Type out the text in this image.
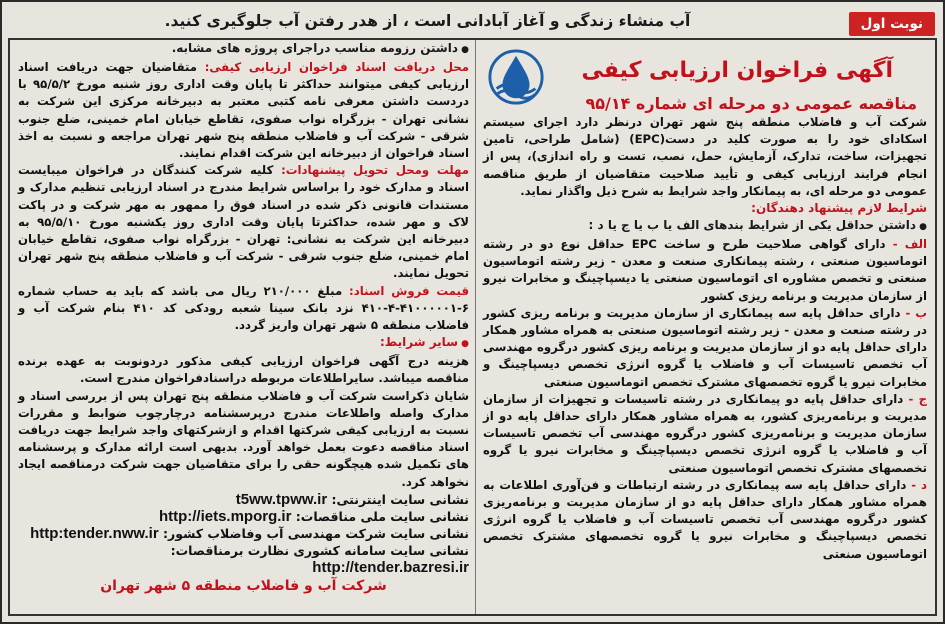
آب منشاء زندگی و آغاز آبادانی است ، از هدر رفتن آب جلوگیری کنید.	نوبت اول
آگهی فراخوان ارزیابی کیفی
مناقصه عمومی دو مرحله ای شماره ۹۵/۱۴

شرکت آب و فاضلاب منطقه پنج شهر تهران درنظر دارد اجرای سیستم اسکادای خود را به صورت کلید در دست(EPC) (شامل طراحی، تامین تجهیزات، ساخت، تدارک، آزمایش، حمل، نصب، تست و راه اندازی)، پس از انجام فرایند ارزیابی کیفی و تأیید صلاحیت متقاضیان از طریق مناقصه عمومی دو مرحله ای، به پیمانکار واجد شرایط به شرح ذیل واگذار نماید.

شرایط لازم پیشنهاد دهندگان:
● داشتن حداقل یکی از شرایط بندهای الف یا ب یا ج یا د :

الف - دارای گواهی صلاحیت طرح و ساخت EPC حداقل نوع دو در رشته اتوماسیون صنعتی ، رشته پیمانکاری صنعت و معدن - زیر رشته اتوماسیون صنعتی و تخصص مشاوره ای اتوماسیون صنعتی یا دیسپاچینگ و مخابرات نیرو از سازمان مدیریت و برنامه ریزی کشور

ب - دارای حداقل پایه سه پیمانکاری از سازمان مدیریت و برنامه ریزی کشور در رشته صنعت و معدن - زیر رشته اتوماسیون صنعتی به همراه مشاور همکار دارای حداقل پایه دو از سازمان مدیریت و برنامه ریزی کشور درگروه مهندسی آب تخصص تاسیسات آب و فاضلاب یا گروه انرژی تخصص دیسپاچینگ و مخابرات نیرو یا گروه تخصصهای مشترک تخصص اتوماسیون صنعتی

ج - دارای حداقل پایه دو پیمانکاری در رشته تاسیسات و تجهیزات از سازمان مدیریت و برنامه‌ریزی کشور، به همراه مشاور همکار دارای حداقل پایه دو از سازمان مدیریت و برنامه‌ریزی کشور درگروه مهندسی آب تخصص تاسیسات آب و فاضلاب یا گروه انرژی تخصص دیسپاچینگ و مخابرات نیرو یا گروه تخصصهای مشترک تخصص اتوماسیون صنعتی

د - دارای حداقل پایه سه پیمانکاری در رشته ارتباطات و فن‌آوری اطلاعات به همراه مشاور همکار دارای حداقل پایه دو از سازمان مدیریت و برنامه‌ریزی کشور درگروه مهندسی آب تخصص تاسیسات آب و فاضلاب یا گروه انرژی تخصص دیسپاچینگ و مخابرات نیرو یا گروه تخصصهای مشترک تخصص اتوماسیون صنعتی

● داشتن رزومه مناسب دراجرای پروژه های مشابه.

محل دریافت اسناد فراخوان ارزیابی کیفی: متقاضیان جهت دریافت اسناد ارزیابی کیفی میتوانند حداکثر تا پایان وقت اداری روز شنبه مورخ ۹۵/۵/۲ با دردست داشتن معرفی نامه کتبی معتبر به دبیرخانه مرکزی این شرکت به نشانی تهران - بزرگراه نواب صفوی، تقاطع خیابان امام خمینی، ضلع جنوب شرقی - شرکت آب و فاضلاب منطقه پنج شهر تهران مراجعه و نسبت به اخذ اسناد فراخوان از دبیرخانه این شرکت اقدام نمایند.

مهلت ومحل تحویل پیشنهادات: کلیه شرکت کنندگان در فراخوان میبایست اسناد و مدارک خود را براساس شرایط مندرج در اسناد ارزیابی تنظیم مدارک و مستندات قانونی ذکر شده در اسناد فوق را ممهور به مهر شرکت و در پاکت لاک و مهر شده، حداکثرتا پایان وقت اداری روز یکشنبه مورخ ۹۵/۵/۱۰ به دبیرخانه این شرکت به نشانی: تهران - بزرگراه نواب صفوی، تقاطع خیابان امام خمینی، ضلع جنوب شرقی - شرکت آب و فاضلاب منطقه پنج شهر تهران تحویل نمایند.

قیمت فروش اسناد: مبلغ ۲۱۰/۰۰۰ ریال می باشد که باید به حساب شماره ۶-۴۱۰۰۰۰۰۱-۴-۴۱۰ نزد بانک سینا شعبه رودکی کد ۴۱۰ بنام شرکت آب و فاضلاب منطقه ۵ شهر تهران واریز گردد.

● سایر شرایط:

هزینه درج آگهی فراخوان ارزیابی کیفی مذکور دردونوبت به عهده برنده مناقصه میباشد. سایراطلاعات مربوطه دراسنادفراخوان مندرج است.

شایان ذکراست شرکت آب و فاضلاب منطقه پنج تهران پس از بررسی اسناد و مدارک واصله واطلاعات مندرج درپرسشنامه درچارچوب ضوابط و مقررات نسبت به ارزیابی کیفی شرکتها اقدام و ازشرکتهای واجد شرایط جهت دریافت اسناد مناقصه دعوت بعمل خواهد آورد. بدیهی است ارائه مدارک و پرسشنامه های تکمیل شده هیچگونه حقی را برای متقاضیان جهت شرکت درمناقصه ایجاد نخواهد کرد.

نشانی سایت اینترنتی: t5ww.tpww.ir
نشانی سایت ملی مناقصات: http://iets.mporg.ir
نشانی سایت شرکت مهندسی آب وفاضلاب کشور: http:tender.nww.ir
نشانی سایت سامانه کشوری نظارت برمناقصات: http://tender.bazresi.ir
شرکت آب و فاضلاب منطقه ۵ شهر تهران
